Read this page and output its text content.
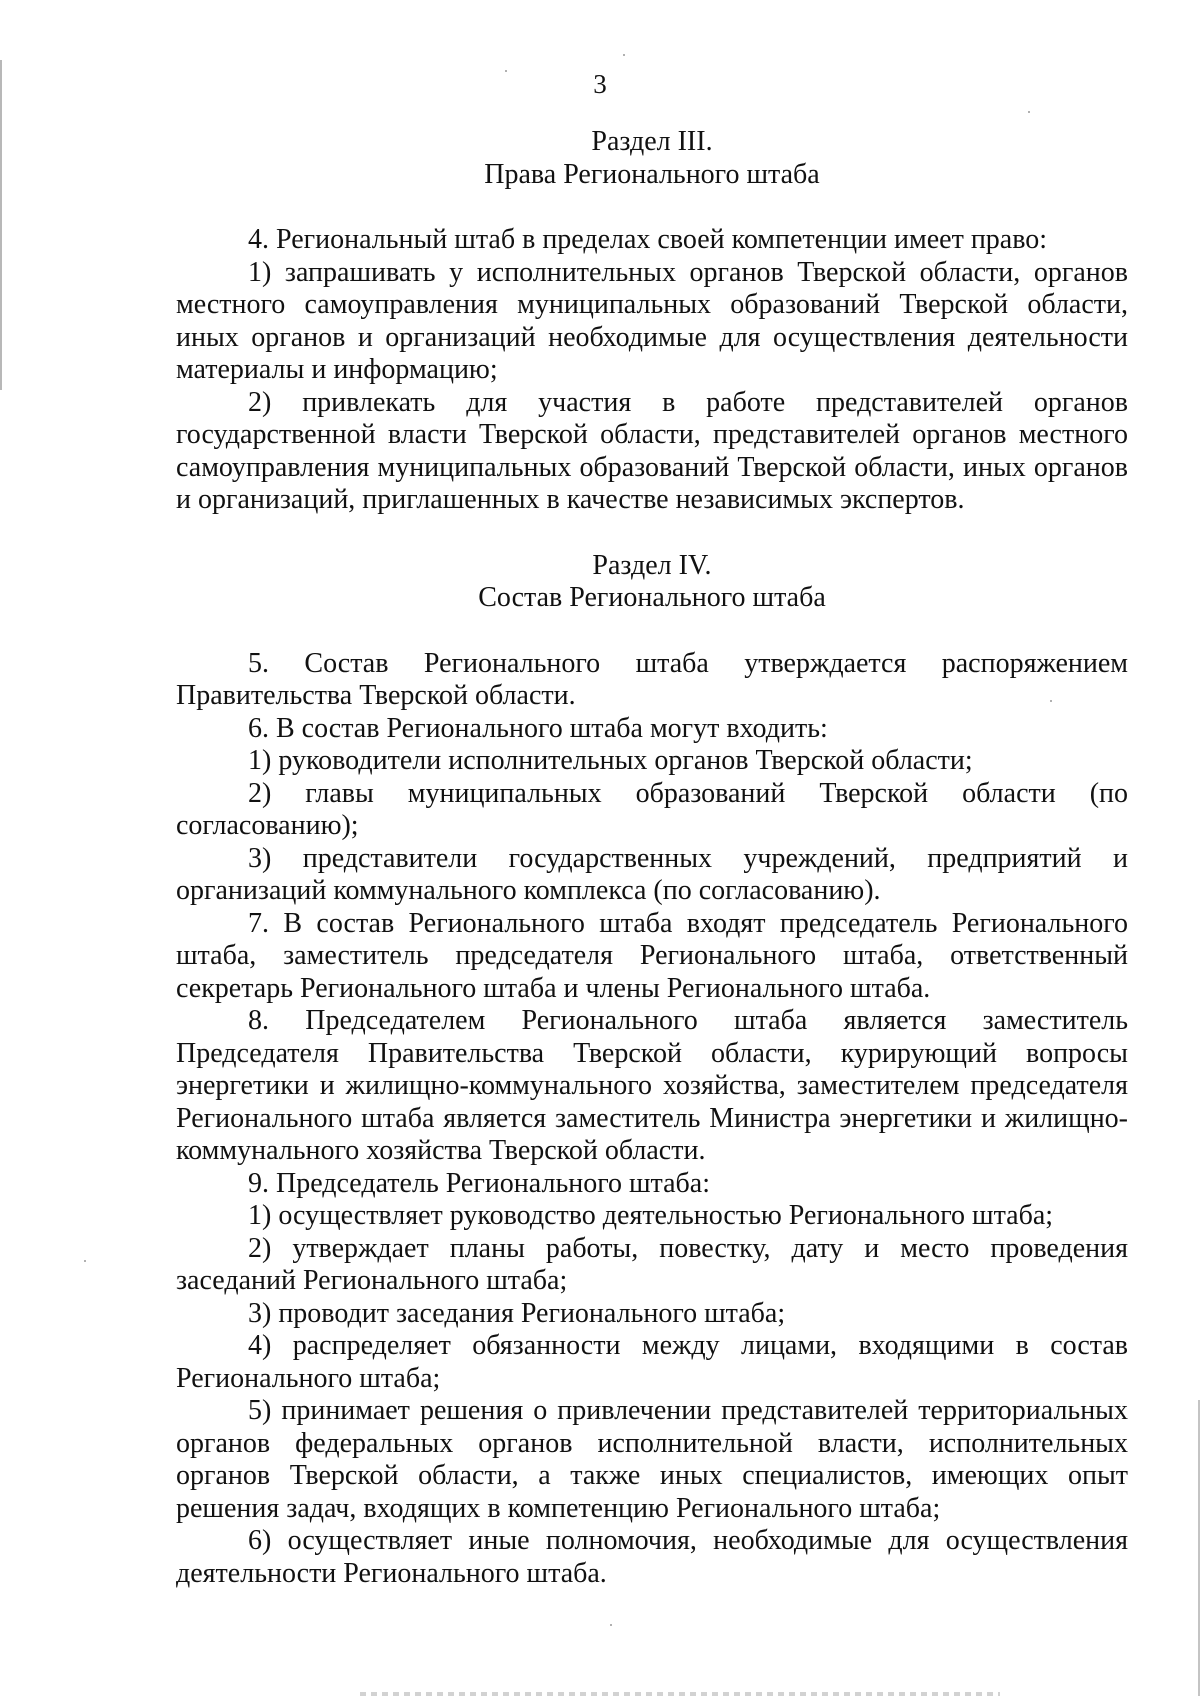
3
Раздел III.
Права Регионального штаба

4. Региональный штаб в пределах своей компетенции имеет право:

1) запрашивать у исполнительных органов Тверской области, органов местного самоуправления муниципальных образований Тверской области, иных органов и организаций необходимые для осуществления деятельности материалы и информацию;

2) привлекать для участия в работе представителей органов государственной власти Тверской области, представителей органов местного самоуправления муниципальных образований Тверской области, иных органов и организаций, приглашенных в качестве независимых экспертов.

Раздел IV.
Состав Регионального штаба

5. Состав Регионального штаба утверждается распоряжением Правительства Тверской области.

6. В состав Регионального штаба могут входить:

1) руководители исполнительных органов Тверской области;

2) главы муниципальных образований Тверской области (по согласованию);

3) представители государственных учреждений, предприятий и организаций коммунального комплекса (по согласованию).

7. В состав Регионального штаба входят председатель Регионального штаба, заместитель председателя Регионального штаба, ответственный секретарь Регионального штаба и члены Регионального штаба.

8. Председателем Регионального штаба является заместитель Председателя Правительства Тверской области, курирующий вопросы энергетики и жилищно-коммунального хозяйства, заместителем председателя Регионального штаба является заместитель Министра энергетики и жилищно-коммунального хозяйства Тверской области.

9. Председатель Регионального штаба:

1) осуществляет руководство деятельностью Регионального штаба;

2) утверждает планы работы, повестку, дату и место проведения заседаний Регионального штаба;

3) проводит заседания Регионального штаба;

4) распределяет обязанности между лицами, входящими в состав Регионального штаба;

5) принимает решения о привлечении представителей территориальных органов федеральных органов исполнительной власти, исполнительных органов Тверской области, а также иных специалистов, имеющих опыт решения задач, входящих в компетенцию Регионального штаба;

6) осуществляет иные полномочия, необходимые для осуществления деятельности Регионального штаба.
